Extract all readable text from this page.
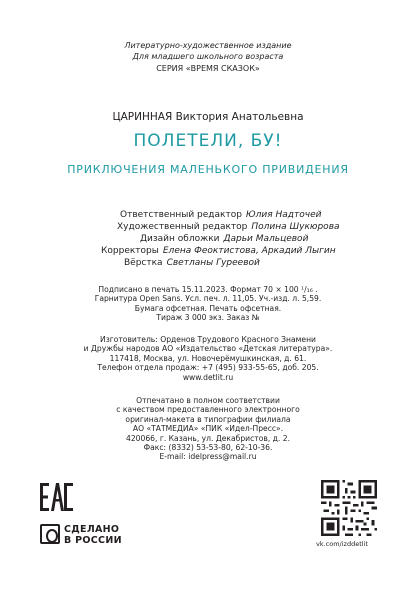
Литературно-художественное издание
Для младшего школьного возраста
СЕРИЯ «ВРЕМЯ СКАЗОК»
ЦАРИННАЯ Виктория Анатольевна
ПОЛЕТЕЛИ, БУ!
ПРИКЛЮЧЕНИЯ МАЛЕНЬКОГО ПРИВИДЕНИЯ
Ответственный редактор Юлия Надточей
Художественный редактор Полина Шукюрова
Дизайн обложки Дарьи Мальцевой
Корректоры Елена Феоктистова, Аркадий Лыгин
Вёрстка Светланы Гуреевой
Подписано в печать 15.11.2023. Формат 70 × 100 ¹/₁₆ .
Гарнитура Open Sans. Усл. печ. л. 11,05. Уч.-изд. л. 5,59.
Бумага офсетная. Печать офсетная.
Тираж 3 000 экз. Заказ №
Изготовитель: Орденов Трудового Красного Знамени
и Дружбы народов АО «Издательство «Детская литература».
117418, Москва, ул. Новочерёмушкинская, д. 61.
Телефон отдела продаж: +7 (495) 933-55-65, доб. 205.
www.detlit.ru
Отпечатано в полном соответствии
с качеством предоставленного электронного
оригинал-макета в типографии филиала
АО «ТАТМЕДИА» «ПИК «Идел-Пресс».
420066, г. Казань, ул. Декабристов, д. 2.
Факс: (8332) 53-53-80, 62-10-36.
E-mail: idelpress@mail.ru
СДЕЛАНО
В РОССИИ	vk.com/izddetlit
